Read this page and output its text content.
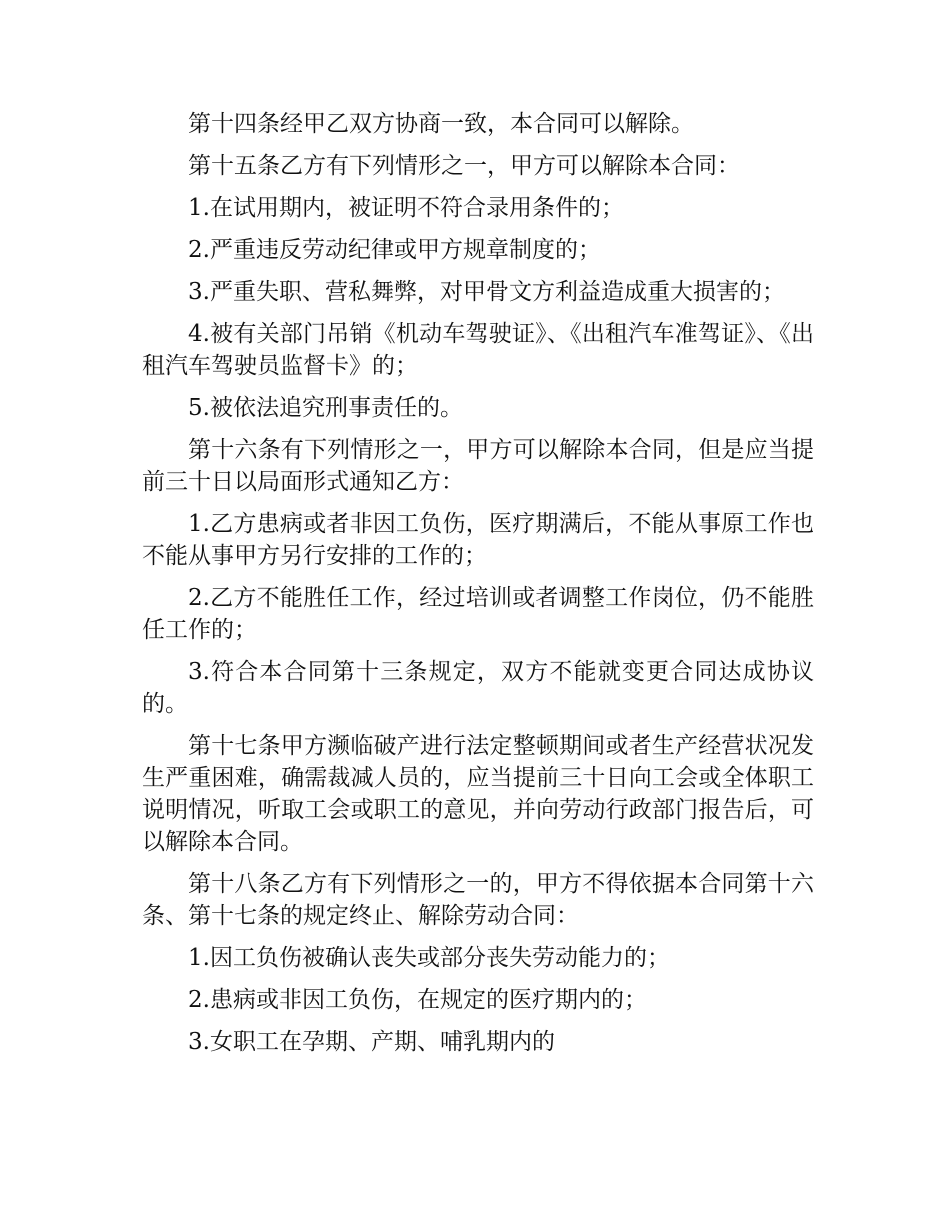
第十四条经甲乙双方协商一致，本合同可以解除。

第十五条乙方有下列情形之一，甲方可以解除本合同：

1.在试用期内，被证明不符合录用条件的；

2.严重违反劳动纪律或甲方规章制度的；

3.严重失职、营私舞弊，对甲骨文方利益造成重大损害的；

4.被有关部门吊销《机动车驾驶证》、《出租汽车准驾证》、《出租汽车驾驶员监督卡》的；

5.被依法追究刑事责任的。

第十六条有下列情形之一，甲方可以解除本合同，但是应当提前三十日以局面形式通知乙方：

1.乙方患病或者非因工负伤，医疗期满后，不能从事原工作也不能从事甲方另行安排的工作的；

2.乙方不能胜任工作，经过培训或者调整工作岗位，仍不能胜任工作的；

3.符合本合同第十三条规定，双方不能就变更合同达成协议的。

第十七条甲方濒临破产进行法定整顿期间或者生产经营状况发生严重困难，确需裁减人员的，应当提前三十日向工会或全体职工说明情况，听取工会或职工的意见，并向劳动行政部门报告后，可以解除本合同。

第十八条乙方有下列情形之一的，甲方不得依据本合同第十六条、第十七条的规定终止、解除劳动合同：

1.因工负伤被确认丧失或部分丧失劳动能力的；

2.患病或非因工负伤，在规定的医疗期内的；

3.女职工在孕期、产期、哺乳期内的
